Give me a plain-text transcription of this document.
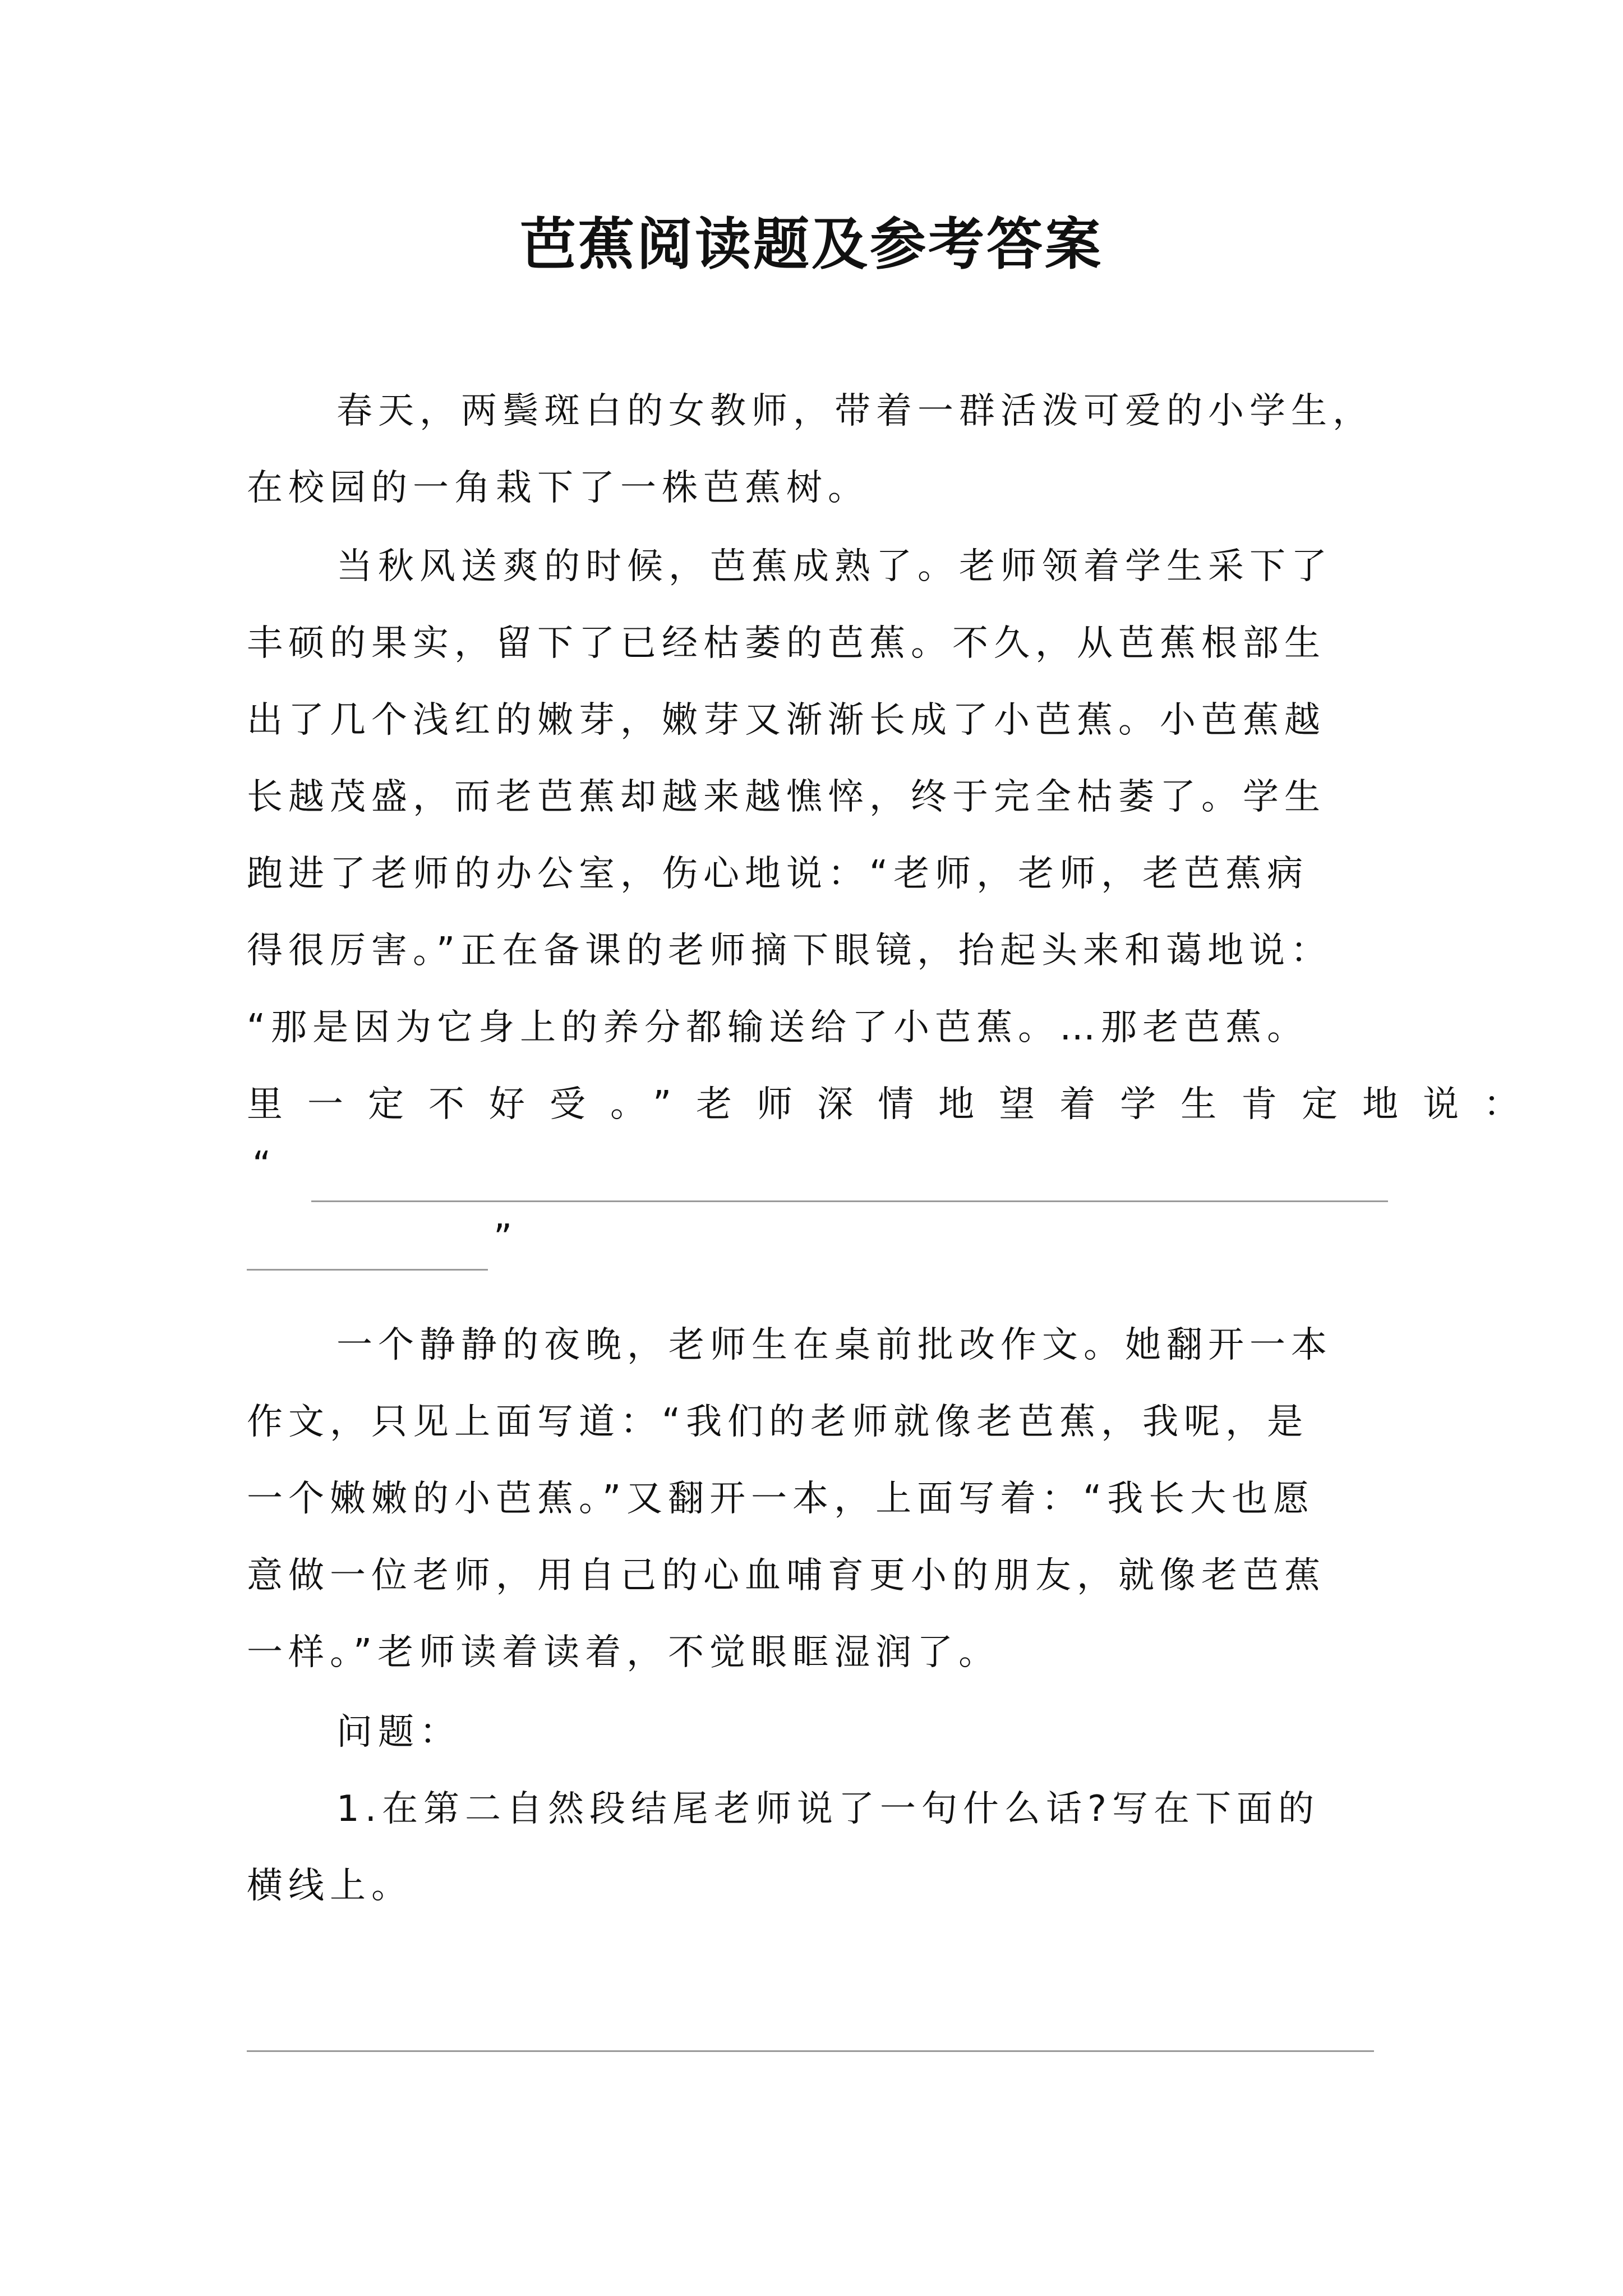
芭蕉阅读题及参考答案
春天，两鬓斑白的女教师，带着一群活泼可爱的小学生，
在校园的一角栽下了一株芭蕉树。
当秋风送爽的时候，芭蕉成熟了。老师领着学生采下了
丰硕的果实，留下了已经枯萎的芭蕉。不久，从芭蕉根部生
出了几个浅红的嫩芽，嫩芽又渐渐长成了小芭蕉。小芭蕉越
长越茂盛，而老芭蕉却越来越憔悴，终于完全枯萎了。学生
跑进了老师的办公室，伤心地说：“老师，老师，老芭蕉病
得很厉害。”正在备课的老师摘下眼镜，抬起头来和蔼地说：
“那是因为它身上的养分都输送给了小芭蕉。…那老芭蕉。
里一定不好受。”老师深情地望着学生肯定地说：
“
”
一个静静的夜晚，老师生在桌前批改作文。她翻开一本
作文，只见上面写道：“我们的老师就像老芭蕉，我呢，是
一个嫩嫩的小芭蕉。”又翻开一本，上面写着：“我长大也愿
意做一位老师，用自己的心血哺育更小的朋友，就像老芭蕉
一样。”老师读着读着，不觉眼眶湿润了。
问题：
1.在第二自然段结尾老师说了一句什么话?写在下面的
横线上。
